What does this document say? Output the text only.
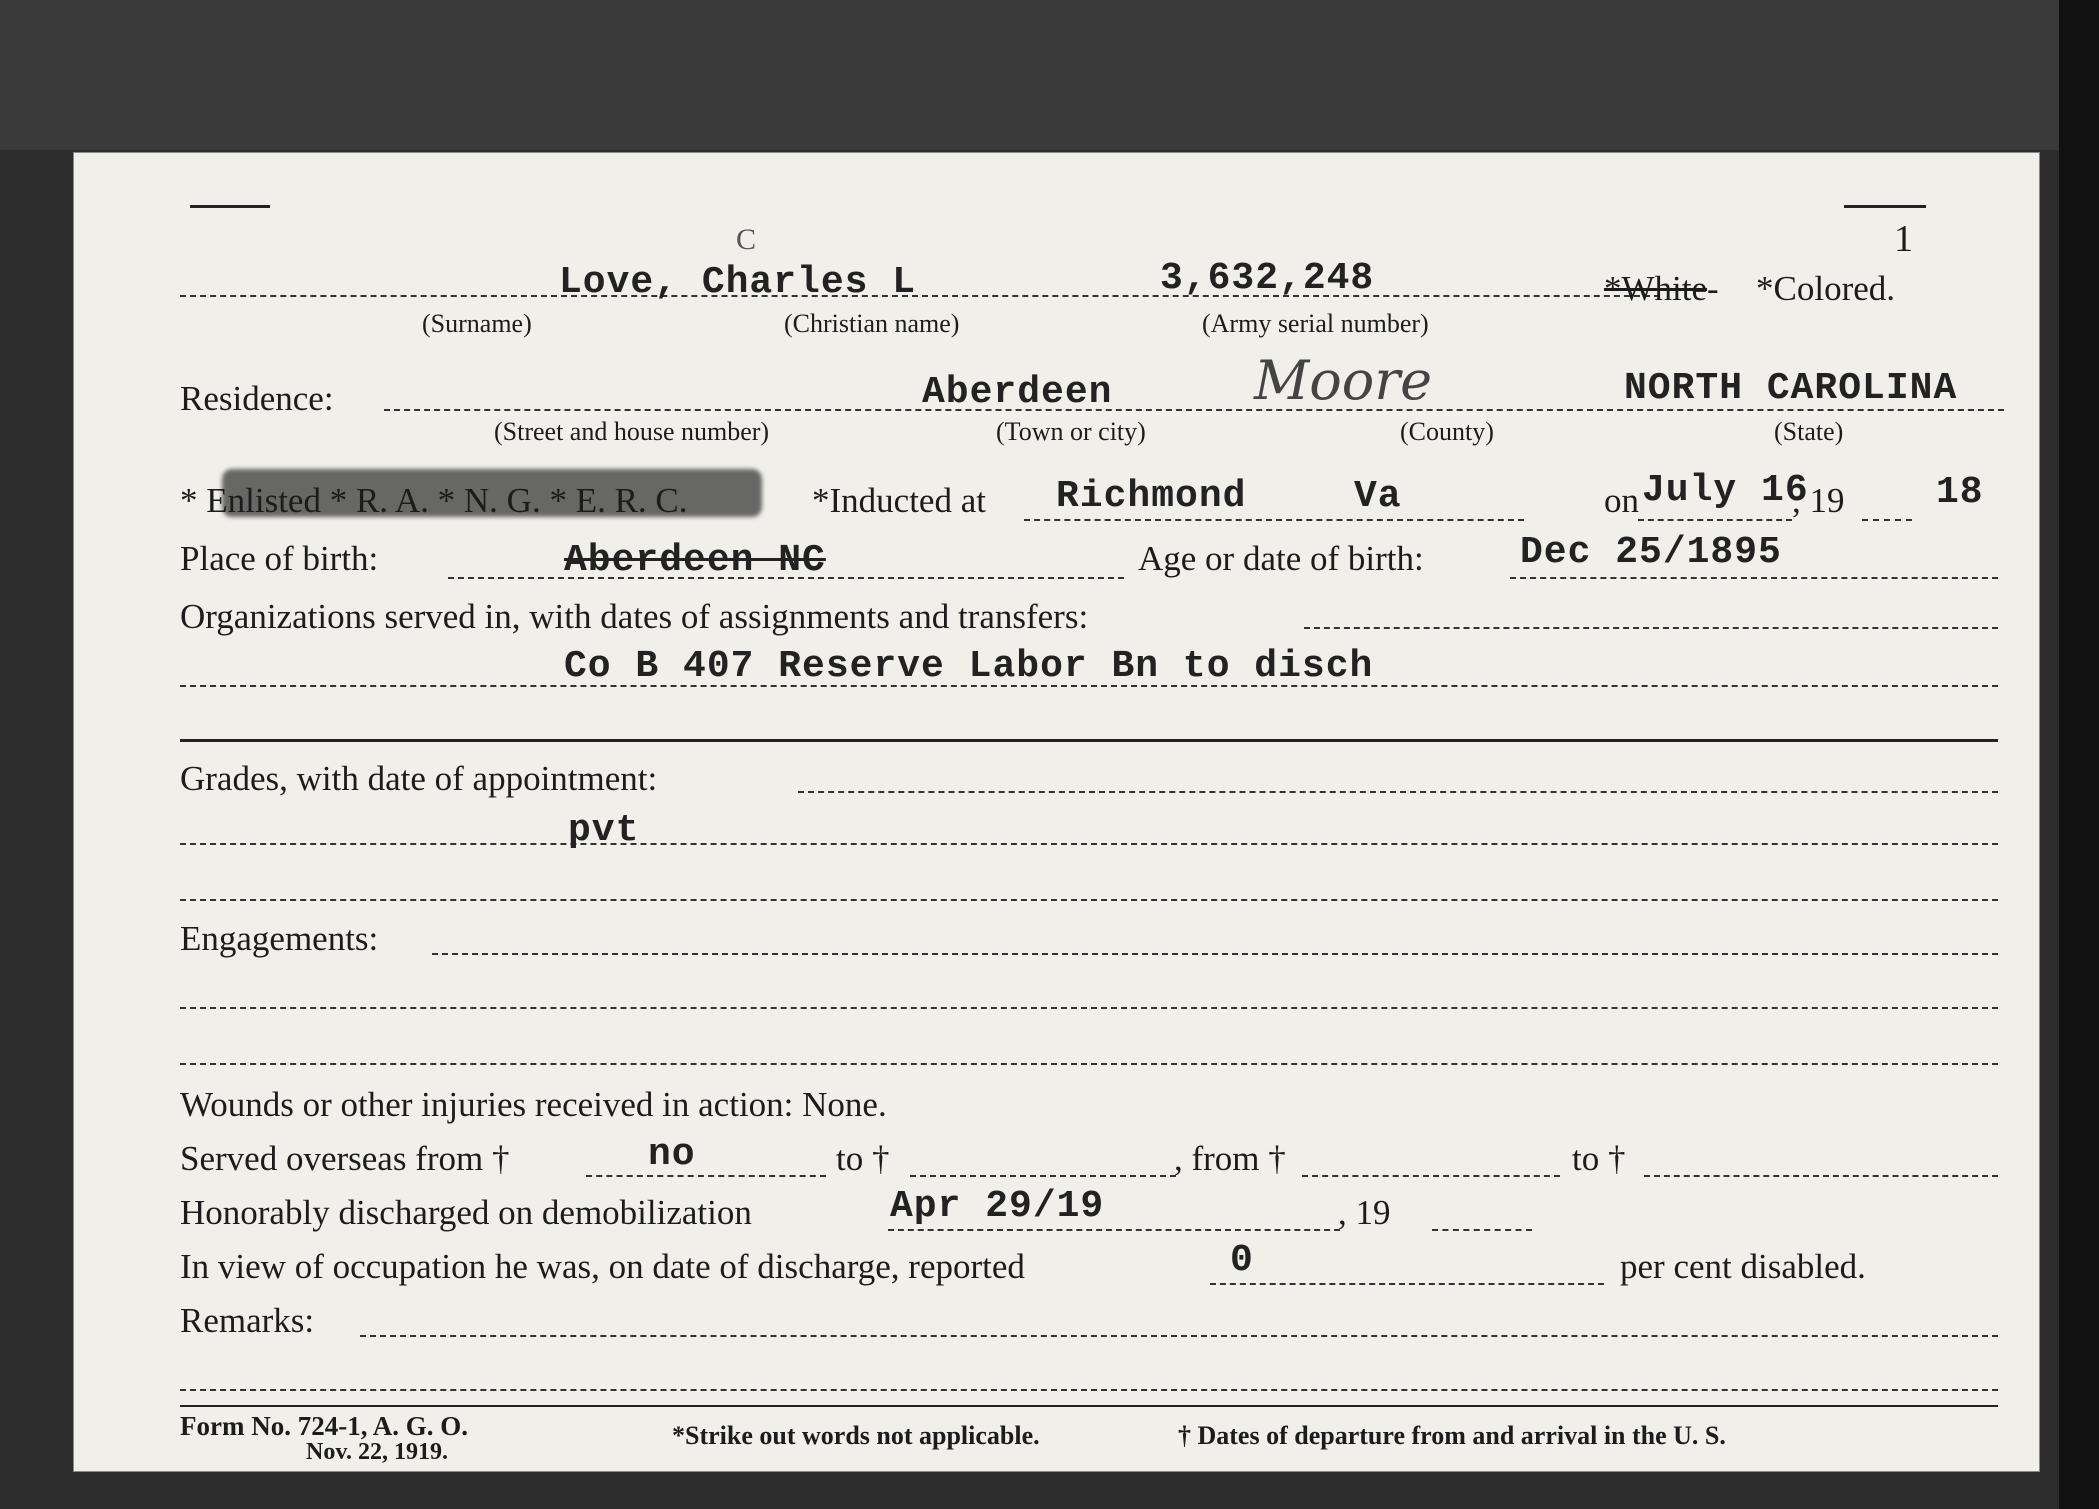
1
Love, Charles L
C
3,632,248	*White- *Colored.
(Surname)	(Christian name)	(Army serial number)
Residence:	Aberdeen	Moore	NORTH CAROLINA
(Street and house number)	(Town or city)	(County)	(State)
* Enlisted * R. A. * N. G. * E. R. C.	*Inducted at Richmond	Va	on July 16
, 19 18
Place of birth:	Aberdeen NC	Age or date of birth:	Dec 25/1895
Organizations served in, with dates of assignments and transfers:
Co B 407 Reserve Labor Bn to disch
Grades, with date of appointment:
pvt
Engagements:
Wounds or other injuries received in action: None.
Served overseas from †	no	to †	, from †	to †
Honorably discharged on demobilization	Apr 29/19	, 19
In view of occupation he was, on date of discharge, reported	0	per cent disabled.
Remarks:
Form No. 724-1, A. G. O.
Nov. 22, 1919.
*Strike out words not applicable.	† Dates of departure from and arrival in the U. S.
